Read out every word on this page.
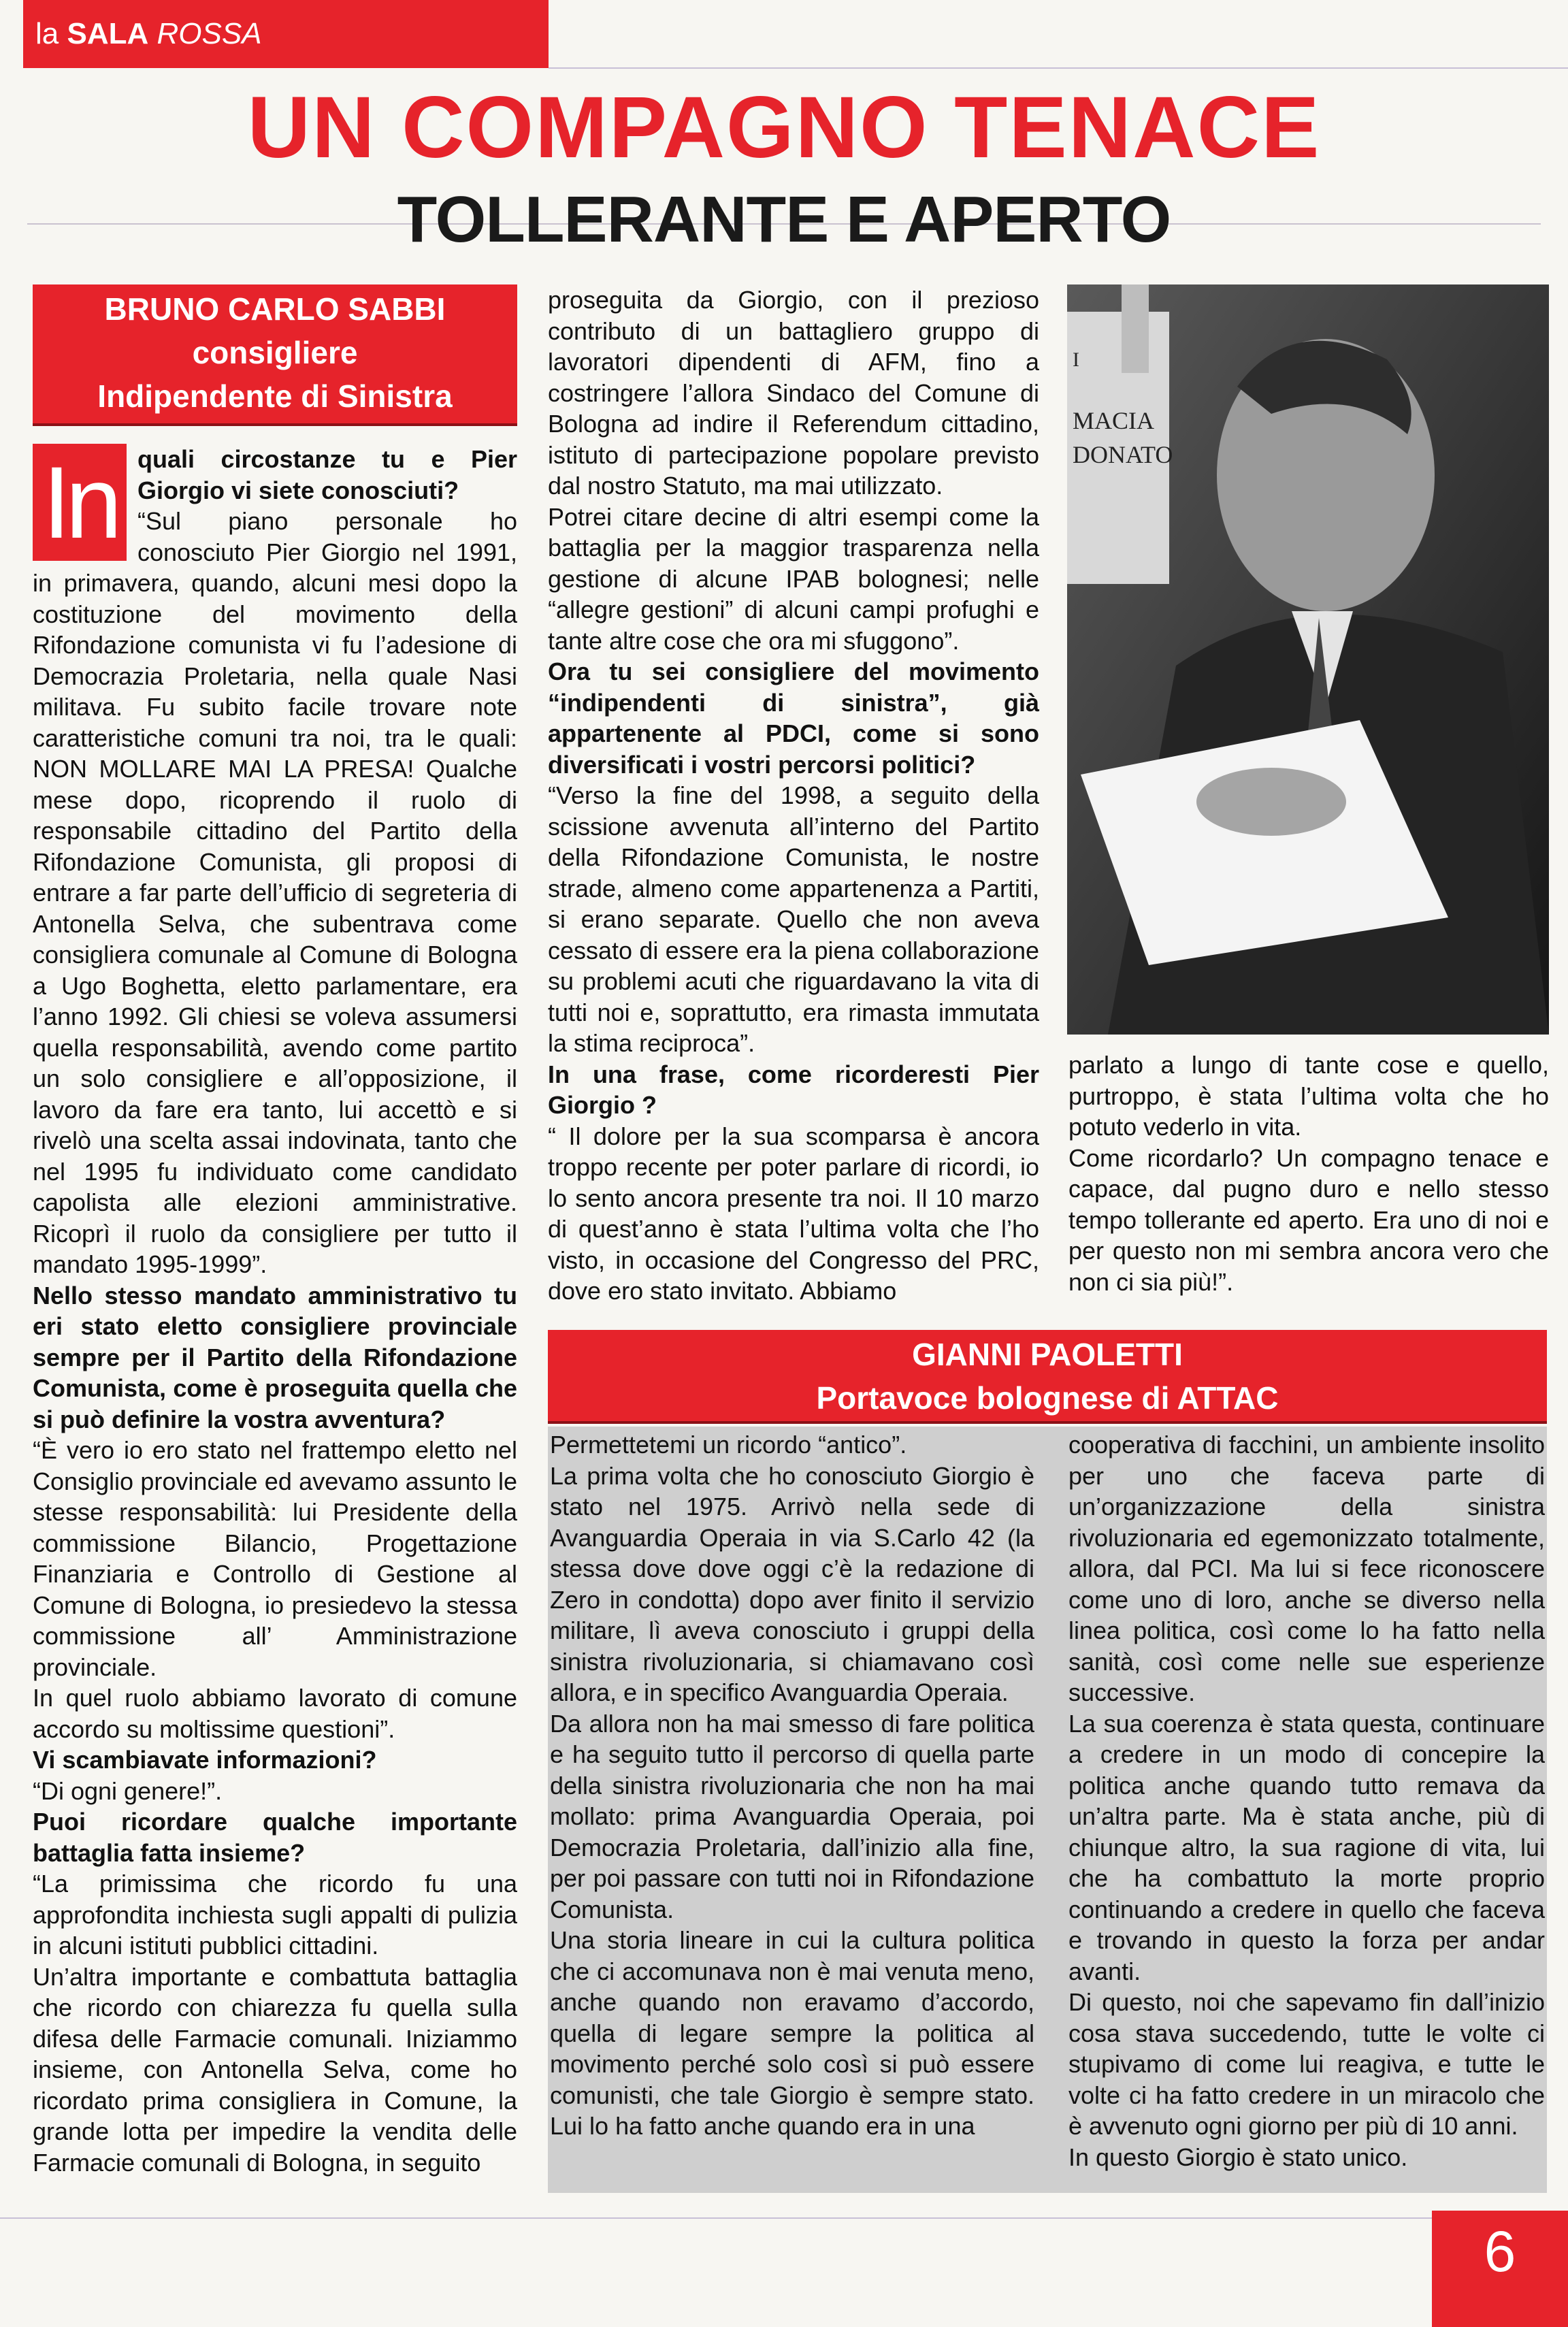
la SALA ROSSA
UN COMPAGNO TENACE
TOLLERANTE E APERTO
BRUNO CARLO SABBI
consigliere
Indipendente di Sinistra
In quali circostanze tu e Pier Giorgio vi siete conosciuti?

“Sul piano personale ho conosciuto Pier Giorgio nel 1991, in primavera, quando, alcuni mesi dopo la costituzione del movimento della Rifondazione comunista vi fu l’adesione di Democrazia Proletaria, nella quale Nasi militava. Fu subito facile trovare note caratteristiche comuni tra noi, tra le quali: NON MOLLARE MAI LA PRESA! Qualche mese dopo, ricoprendo il ruolo di responsabile cittadino del Partito della Rifondazione Comunista, gli proposi di entrare a far parte dell’ufficio di segreteria di Antonella Selva, che subentrava come consigliera comunale al Comune di Bologna a Ugo Boghetta, eletto parlamentare, era l’anno 1992. Gli chiesi se voleva assumersi quella responsabilità, avendo come partito un solo consigliere e all’opposizione, il lavoro da fare era tanto, lui accettò e si rivelò una scelta assai indovinata, tanto che nel 1995 fu individuato come candidato capolista alle elezioni amministrative. Ricoprì il ruolo da consigliere per tutto il mandato 1995-1999”.

Nello stesso mandato amministrativo tu eri stato eletto consigliere provinciale sempre per il Partito della Rifondazione Comunista, come è proseguita quella che si può definire la vostra avventura?

“È vero io ero stato nel frattempo eletto nel Consiglio provinciale ed avevamo assunto le stesse responsabilità: lui Presidente della commissione Bilancio, Progettazione Finanziaria e Controllo di Gestione al Comune di Bologna, io presiedevo la stessa commissione all’ Amministrazione provinciale.

In quel ruolo abbiamo lavorato di comune accordo su moltissime questioni”.

Vi scambiavate informazioni?

“Di ogni genere!”.

Puoi ricordare qualche importante battaglia fatta insieme?

“La primissima che ricordo fu una approfondita inchiesta sugli appalti di pulizia in alcuni istituti pubblici cittadini.

Un’altra importante e combattuta battaglia che ricordo con chiarezza fu quella sulla difesa delle Farmacie comunali. Iniziammo insieme, con Antonella Selva, come ho ricordato prima consigliera in Comune, la grande lotta per impedire la vendita delle Farmacie comunali di Bologna, in seguito

proseguita da Giorgio, con il prezioso contributo di un battagliero gruppo di lavoratori dipendenti di AFM, fino a costringere l’allora Sindaco del Comune di Bologna ad indire il Referendum cittadino, istituto di partecipazione popolare previsto dal nostro Statuto, ma mai utilizzato.

Potrei citare decine di altri esempi come la battaglia per la maggior trasparenza nella gestione di alcune IPAB bolognesi; nelle “allegre gestioni” di alcuni campi profughi e tante altre cose che ora mi sfuggono”.

Ora tu sei consigliere del movimento “indipendenti di sinistra”, già appartenente al PDCI, come si sono diversificati i vostri percorsi politici?

“Verso la fine del 1998, a seguito della scissione avvenuta all’interno del Partito della Rifondazione Comunista, le nostre strade, almeno come appartenenza a Partiti, si erano separate. Quello che non aveva cessato di essere era la piena collaborazione su problemi acuti che riguardavano la vita di tutti noi e, soprattutto, era rimasta immutata la stima reciproca”.

In una frase, come ricorderesti Pier Giorgio ?

“ Il dolore per la sua scomparsa è ancora troppo recente per poter parlare di ricordi, io lo sento ancora presente tra noi. Il 10 marzo di quest’anno è stata l’ultima volta che l’ho visto, in occasione del Congresso del PRC, dove ero stato invitato. Abbiamo

MACIA
DONATO
I

parlato a lungo di tante cose e quello, purtroppo, è stata l’ultima volta che ho potuto vederlo in vita.

Come ricordarlo? Un compagno tenace e capace, dal pugno duro e nello stesso tempo tollerante ed aperto. Era uno di noi e per questo non mi sembra ancora vero che non ci sia più!”.

GIANNI PAOLETTI
Portavoce bolognese di ATTAC

Permettetemi un ricordo “antico”.

La prima volta che ho conosciuto Giorgio è stato nel 1975. Arrivò nella sede di Avanguardia Operaia in via S.Carlo 42 (la stessa dove dove oggi c’è la redazione di Zero in condotta) dopo aver finito il servizio militare, lì aveva conosciuto i gruppi della sinistra rivoluzionaria, si chiamavano così allora, e in specifico Avanguardia Operaia.

Da allora non ha mai smesso di fare politica e ha seguito tutto il percorso di quella parte della sinistra rivoluzionaria che non ha mai mollato: prima Avanguardia Operaia, poi Democrazia Proletaria, dall’inizio alla fine, per poi passare con tutti noi in Rifondazione Comunista.

Una storia lineare in cui la cultura politica che ci accomunava non è mai venuta meno, anche quando non eravamo d’accordo, quella di legare sempre la politica al movimento perché solo così si può essere comunisti, che tale Giorgio è sempre stato. Lui lo ha fatto anche quando era in una

cooperativa di facchini, un ambiente insolito per uno che faceva parte di un’organizzazione della sinistra rivoluzionaria ed egemonizzato totalmente, allora, dal PCI. Ma lui si fece riconoscere come uno di loro, anche se diverso nella linea politica, così come lo ha fatto nella sanità, così come nelle sue esperienze successive.

La sua coerenza è stata questa, continuare a credere in un modo di concepire la politica anche quando tutto remava da un’altra parte. Ma è stata anche, più di chiunque altro, la sua ragione di vita, lui che ha combattuto la morte proprio continuando a credere in quello che faceva e trovando in questo la forza per andar avanti.

Di questo, noi che sapevamo fin dall’inizio cosa stava succedendo, tutte le volte ci stupivamo di come lui reagiva, e tutte le volte ci ha fatto credere in un miracolo che è avvenuto ogni giorno per più di 10 anni.

In questo Giorgio è stato unico.

6
